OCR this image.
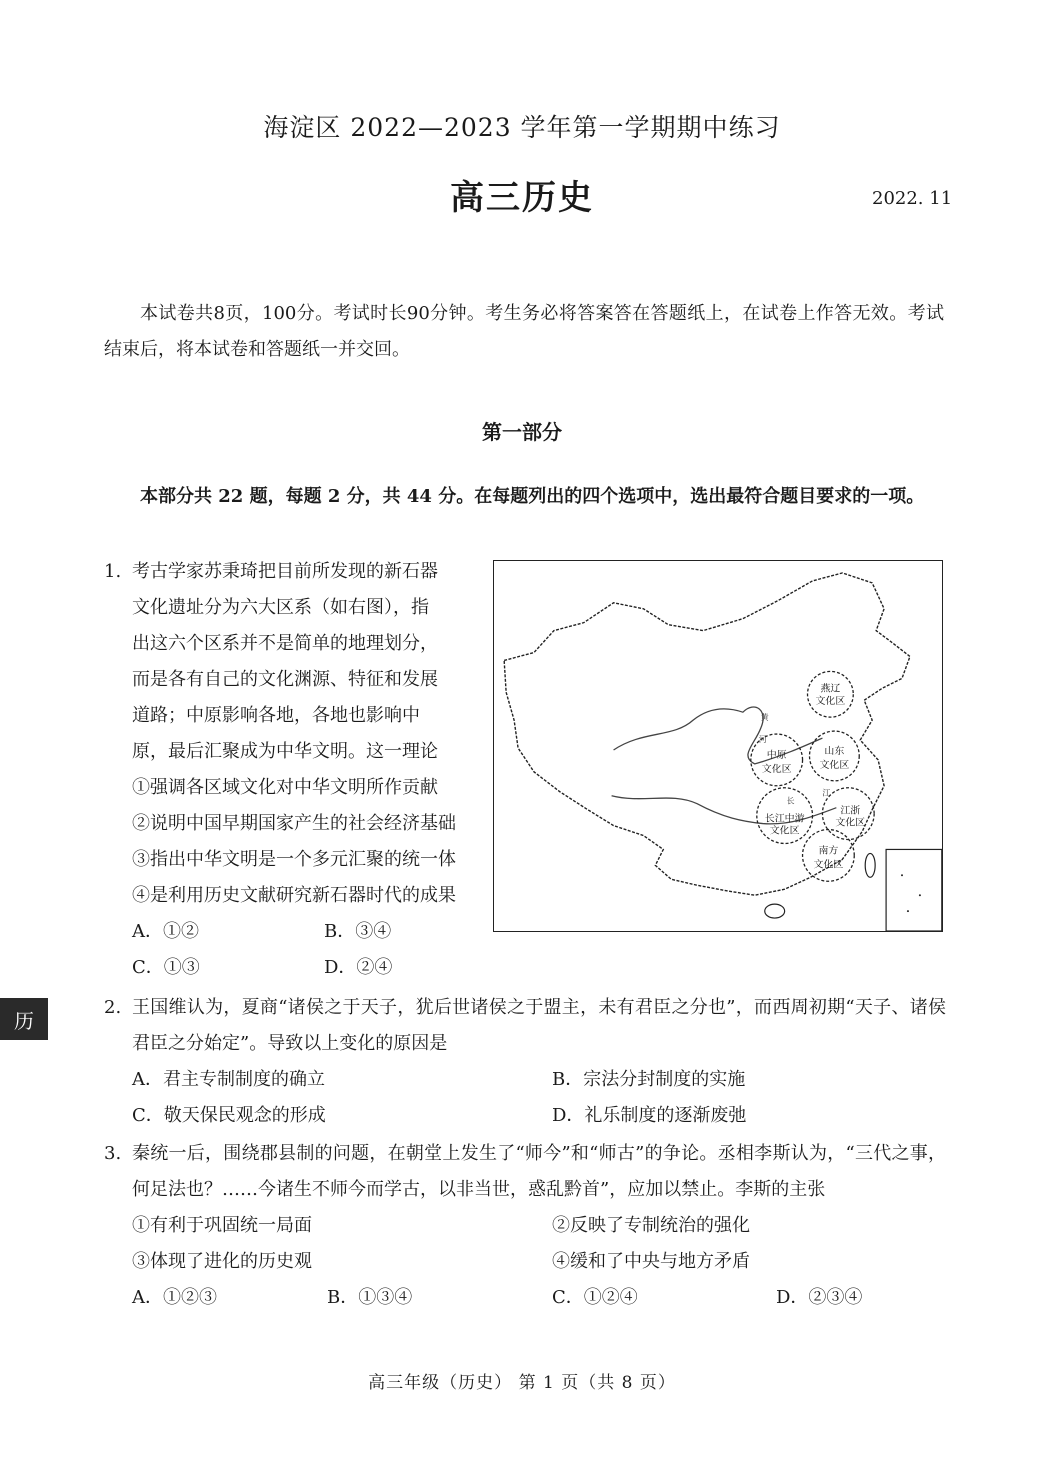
海淀区 2022—2023 学年第一学期期中练习
高三历史	2022. 11
本试卷共8页，100分。考试时长90分钟。考生务必将答案答在答题纸上，在试卷上作答无效。考试结束后，将本试卷和答题纸一并交回。
第一部分
本部分共 22 题，每题 2 分，共 44 分。在每题列出的四个选项中，选出最符合题目要求的一项。
1. 考古学家苏秉琦把目前所发现的新石器
文化遗址分为六大区系（如右图），指
出这六个区系并不是简单的地理划分，
而是各有自己的文化渊源、特征和发展
道路；中原影响各地，各地也影响中
原，最后汇聚成为中华文明。这一理论
①强调各区域文化对中华文明所作贡献
②说明中国早期国家产生的社会经济基础
③指出中华文明是一个多元汇聚的统一体
④是利用历史文献研究新石器时代的成果
A．①②	B．③④
C．①③	D．②④
燕辽
文化区
中原
文化区
山东
文化区
长江中游
文化区
江浙
文化区
南方
文化区
黄
河
长
江
历
2. 王国维认为，夏商“诸侯之于天子，犹后世诸侯之于盟主，未有君臣之分也”，而西周初期“天子、诸侯君臣之分始定”。导致以上变化的原因是
A．君主专制制度的确立	B．宗法分封制度的实施
C．敬天保民观念的形成	D．礼乐制度的逐渐废弛
3. 秦统一后，围绕郡县制的问题，在朝堂上发生了“师今”和“师古”的争论。丞相李斯认为，“三代之事，何足法也？……今诸生不师今而学古，以非当世，惑乱黔首”，应加以禁止。李斯的主张
①有利于巩固统一局面	②反映了专制统治的强化
③体现了进化的历史观	④缓和了中央与地方矛盾
A．①②③	B．①③④	C．①②④	D．②③④
高三年级（历史） 第 1 页（共 8 页）
